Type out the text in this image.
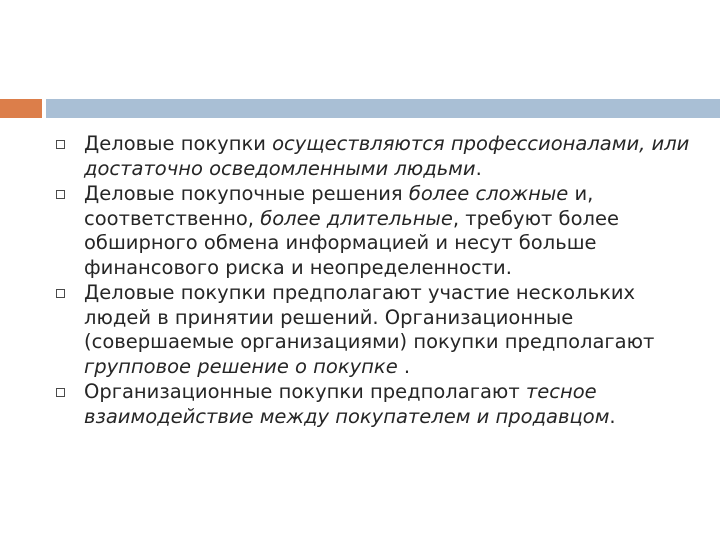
Деловые покупки осуществляются профессионалами, или достаточно осведомленными людьми.
Деловые покупочные решения более сложные и, соответственно, более длительные, требуют более обширного обмена информацией и несут больше финансового риска и неопределенности.
Деловые покупки предполагают участие нескольких людей в принятии решений. Организационные (совершаемые организациями) покупки предполагают групповое решение о покупке .
Организационные покупки предполагают тесное взаимодействие между покупателем и продавцом.
